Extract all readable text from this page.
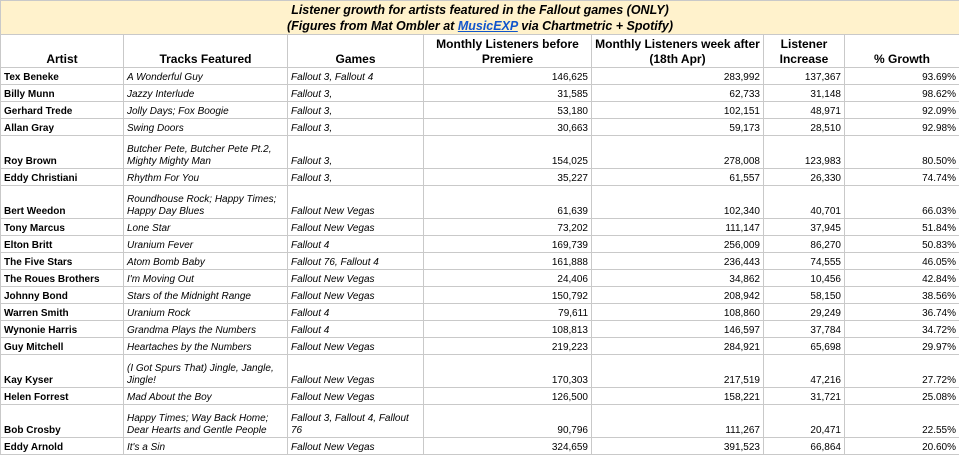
Listener growth for artists featured in the Fallout games (ONLY)
(Figures from Mat Ombler at MusicEXP via Chartmetric + Spotify)						

Artist	Tracks Featured	Games	Monthly Listeners before Premiere	Monthly Listeners week after (18th Apr)	Listener Increase	% Growth
Tex Beneke	A Wonderful Guy	Fallout 3, Fallout 4	146,625	283,992	137,367	93.69%
Billy Munn	Jazzy Interlude	Fallout 3,	31,585	62,733	31,148	98.62%
Gerhard Trede	Jolly Days; Fox Boogie	Fallout 3,	53,180	102,151	48,971	92.09%
Allan Gray	Swing Doors	Fallout 3,	30,663	59,173	28,510	92.98%
Roy Brown	Butcher Pete, Butcher Pete Pt.2, Mighty Mighty Man	Fallout 3,	154,025	278,008	123,983	80.50%
Eddy Christiani	Rhythm For You	Fallout 3,	35,227	61,557	26,330	74.74%
Bert Weedon	Roundhouse Rock; Happy Times; Happy Day Blues	Fallout New Vegas	61,639	102,340	40,701	66.03%
Tony Marcus	Lone Star	Fallout New Vegas	73,202	111,147	37,945	51.84%
Elton Britt	Uranium Fever	Fallout 4	169,739	256,009	86,270	50.83%
The Five Stars	Atom Bomb Baby	Fallout 76, Fallout 4	161,888	236,443	74,555	46.05%
The Roues Brothers	I'm Moving Out	Fallout New Vegas	24,406	34,862	10,456	42.84%
Johnny Bond	Stars of the Midnight Range	Fallout New Vegas	150,792	208,942	58,150	38.56%
Warren Smith	Uranium Rock	Fallout 4	79,611	108,860	29,249	36.74%
Wynonie Harris	Grandma Plays the Numbers	Fallout 4	108,813	146,597	37,784	34.72%
Guy Mitchell	Heartaches by the Numbers	Fallout New Vegas	219,223	284,921	65,698	29.97%
Kay Kyser	(I Got Spurs That) Jingle, Jangle, Jingle!	Fallout New Vegas	170,303	217,519	47,216	27.72%
Helen Forrest	Mad About the Boy	Fallout New Vegas	126,500	158,221	31,721	25.08%
Bob Crosby	Happy Times; Way Back Home; Dear Hearts and Gentle People	Fallout 3, Fallout 4, Fallout 76	90,796	111,267	20,471	22.55%
Eddy Arnold	It's a Sin	Fallout New Vegas	324,659	391,523	66,864	20.60%
